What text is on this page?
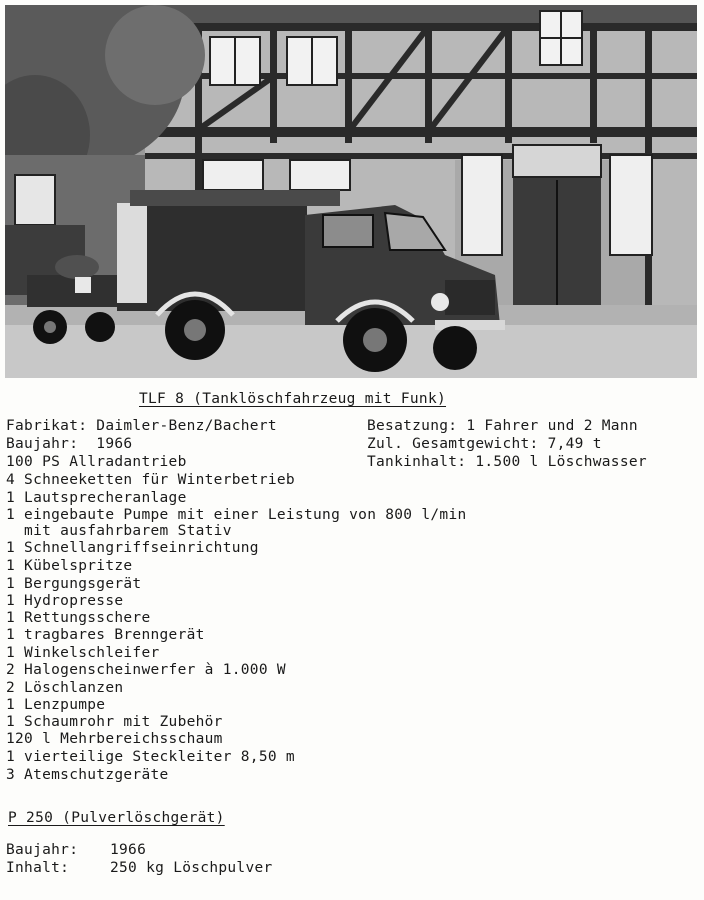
TLF 8 (Tanklöschfahrzeug mit Funk)
Fabrikat: Daimler-Benz/Bachert
Baujahr:  1966
100 PS Allradantrieb
Besatzung: 1 Fahrer und 2 Mann
Zul. Gesamtgewicht: 7,49 t
Tankinhalt: 1.500 l Löschwasser
4 Schneeketten für Winterbetrieb
1 Lautsprecheranlage
1 eingebaute Pumpe mit einer Leistung von 800 l/min
mit ausfahrbarem Stativ
1 Schnellangriffseinrichtung
1 Kübelspritze
1 Bergungsgerät
1 Hydropresse
1 Rettungsschere
1 tragbares Brenngerät
1 Winkelschleifer
2 Halogenscheinwerfer à 1.000 W
2 Löschlanzen
1 Lenzpumpe
1 Schaumrohr mit Zubehör
120 l Mehrbereichsschaum
1 vierteilige Steckleiter 8,50 m
3 Atemschutzgeräte
P 250 (Pulverlöschgerät)
Baujahr: 1966
Inhalt:	250 kg Löschpulver
